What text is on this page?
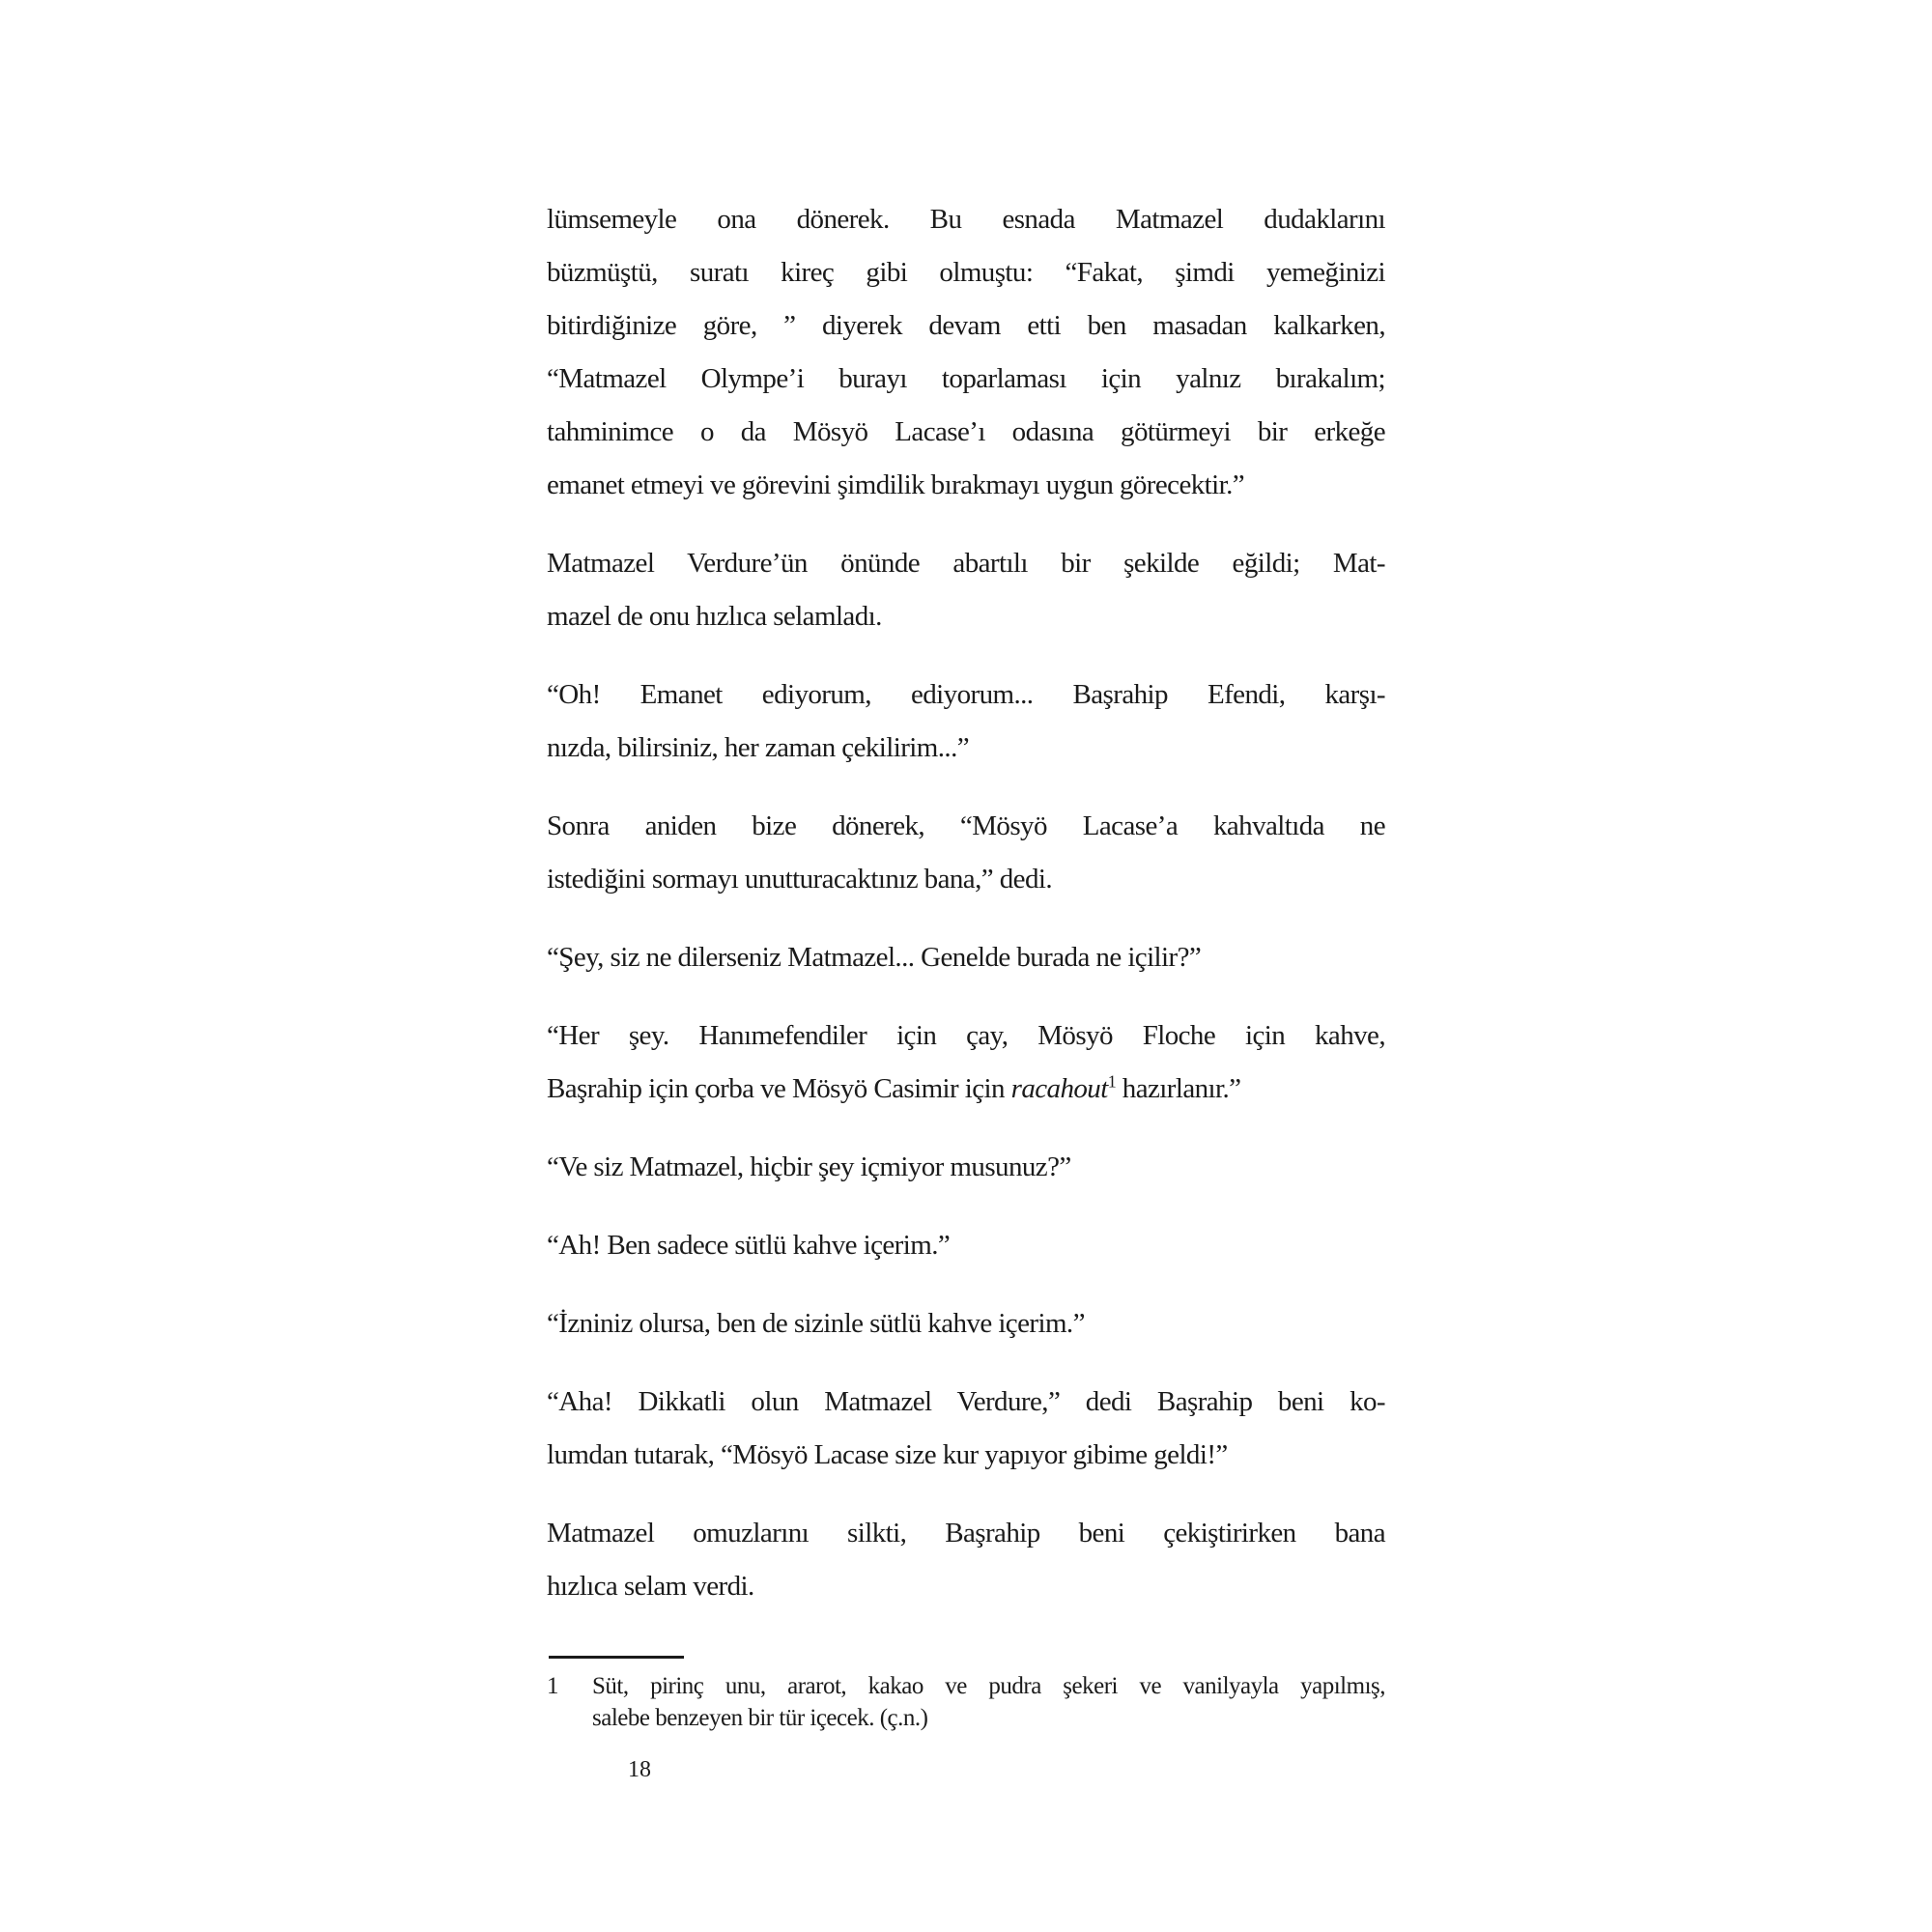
lümsemeyle ona dönerek. Bu esnada Matmazel dudaklarını
büzmüştü, suratı kireç gibi olmuştu: “Fakat, şimdi yemeğinizi
bitirdiğinize göre, ” diyerek devam etti ben masadan kalkarken,
“Matmazel Olympe’i burayı toparlaması için yalnız bırakalım;
tahminimce o da Mösyö Lacase’ı odasına götürmeyi bir erkeğe
emanet etmeyi ve görevini şimdilik bırakmayı uygun görecektir.”
Matmazel Verdure’ün önünde abartılı bir şekilde eğildi; Mat-
mazel de onu hızlıca selamladı.
“Oh! Emanet ediyorum, ediyorum... Başrahip Efendi, karşı-
nızda, bilirsiniz, her zaman çekilirim...”
Sonra aniden bize dönerek, “Mösyö Lacase’a kahvaltıda ne
istediğini sormayı unutturacaktınız bana,” dedi.
“Şey, siz ne dilerseniz Matmazel... Genelde burada ne içilir?”
“Her şey. Hanımefendiler için çay, Mösyö Floche için kahve,
Başrahip için çorba ve Mösyö Casimir için racahout$^1$ hazırlanır.”
“Ve siz Matmazel, hiçbir şey içmiyor musunuz?”
“Ah! Ben sadece sütlü kahve içerim.”
“İzniniz olursa, ben de sizinle sütlü kahve içerim.”
“Aha! Dikkatli olun Matmazel Verdure,” dedi Başrahip beni ko-
lumdan tutarak, “Mösyö Lacase size kur yapıyor gibime geldi!”
Matmazel omuzlarını silkti, Başrahip beni çekiştirirken bana
hızlıca selam verdi.
1	Süt, pirinç unu, ararot, kakao ve pudra şekeri ve vanilyayla yapılmış,
salebe benzeyen bir tür içecek. (ç.n.)
18
